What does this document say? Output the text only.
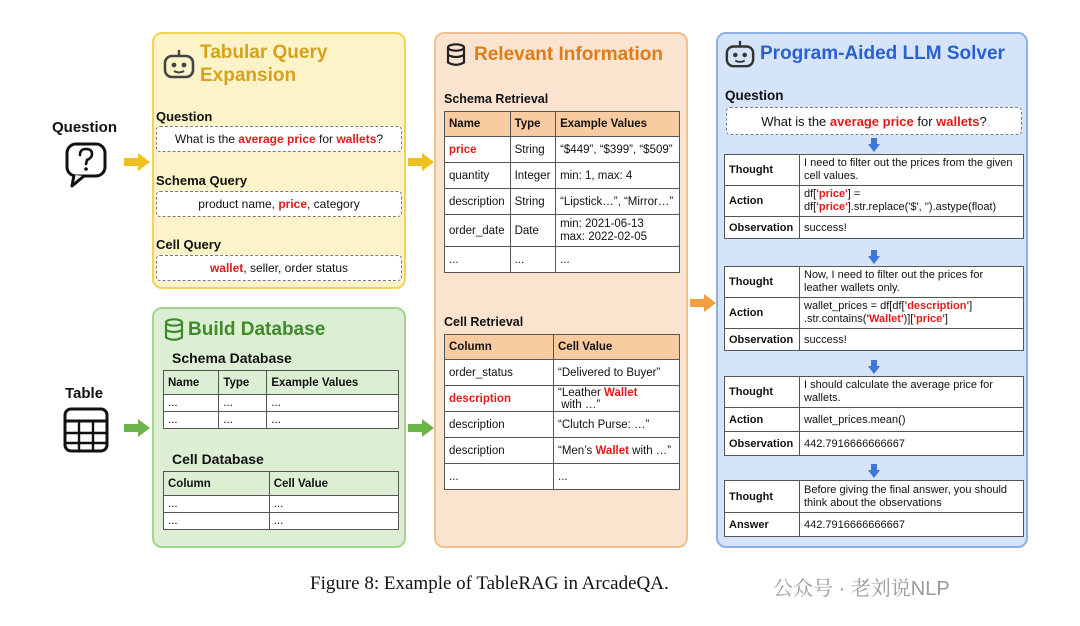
Question
Table
Tabular Query
Expansion
Question
What is the average price for wallets ?
Schema Query
product name, price , category
Cell Query
wallet , seller, order status
Build Database
Schema Database
Name	Type	Example Values
...	...	...
...	...	...
Cell Database
Column	Cell Value
...	...
...	...
Relevant Information
Schema Retrieval
Name	Type	Example Values
price	String	“$449”, “$399”, “$509”
quantity	Integer	min: 1, max: 4
description	String	“Lipstick…”, “Mirror…”
order_date	Date	min: 2021-06-13
max: 2022-02-05
...	...	...
Cell Retrieval
Column	Cell Value
order_status	“Delivered to Buyer”
description	“Leather Wallet with …”
description	“Clutch Purse: …”
description	“Men’s Wallet with …”
...	...
Program-Aided LLM Solver
Question
What is the average price for wallets ?
Thought	I need to filter out the prices from the given cell values.
Action	df['price'] =
df['price'].str.replace('$', '').astype(float)
Observation	success!
Thought	Now, I need to filter out the prices for leather wallets only.
Action	wallet_prices = df[df['description']
.str.contains('Wallet')]['price']
Observation	success!
Thought	I should calculate the average price for wallets.
Action	wallet_prices.mean()
Observation	442.7916666666667
Thought	Before giving the final answer, you should think about the observations
Answer	442.7916666666667
Figure 8: Example of TableRAG in ArcadeQA.	公众号 · 老刘说NLP
